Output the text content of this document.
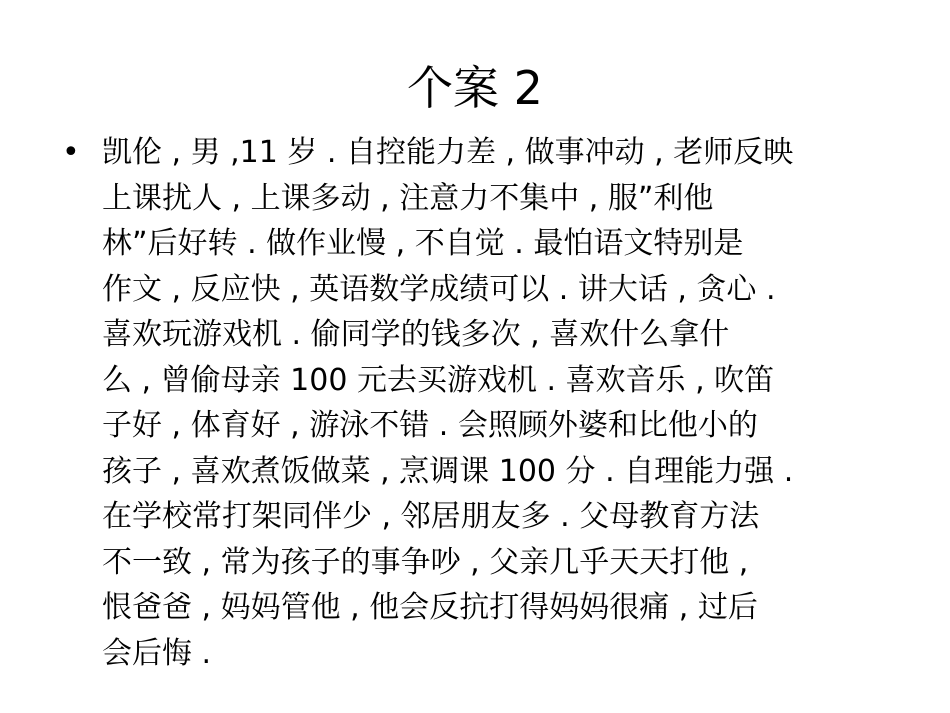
个案 2
• 凯伦 , 男 ,11 岁 . 自控能力差 , 做事冲动 , 老师反映
上课扰人 , 上课多动 , 注意力不集中 , 服”利他
林”后好转 . 做作业慢 , 不自觉 . 最怕语文特别是
作文 , 反应快 , 英语数学成绩可以 . 讲大话 , 贪心 .
喜欢玩游戏机 . 偷同学的钱多次 , 喜欢什么拿什
么 , 曾偷母亲 100 元去买游戏机 . 喜欢音乐 , 吹笛
子好 , 体育好 , 游泳不错 . 会照顾外婆和比他小的
孩子 , 喜欢煮饭做菜 , 烹调课 100 分 . 自理能力强 .
在学校常打架同伴少 , 邻居朋友多 . 父母教育方法
不一致 , 常为孩子的事争吵 , 父亲几乎天天打他 ,
恨爸爸 , 妈妈管他 , 他会反抗打得妈妈很痛 , 过后
会后悔 .
